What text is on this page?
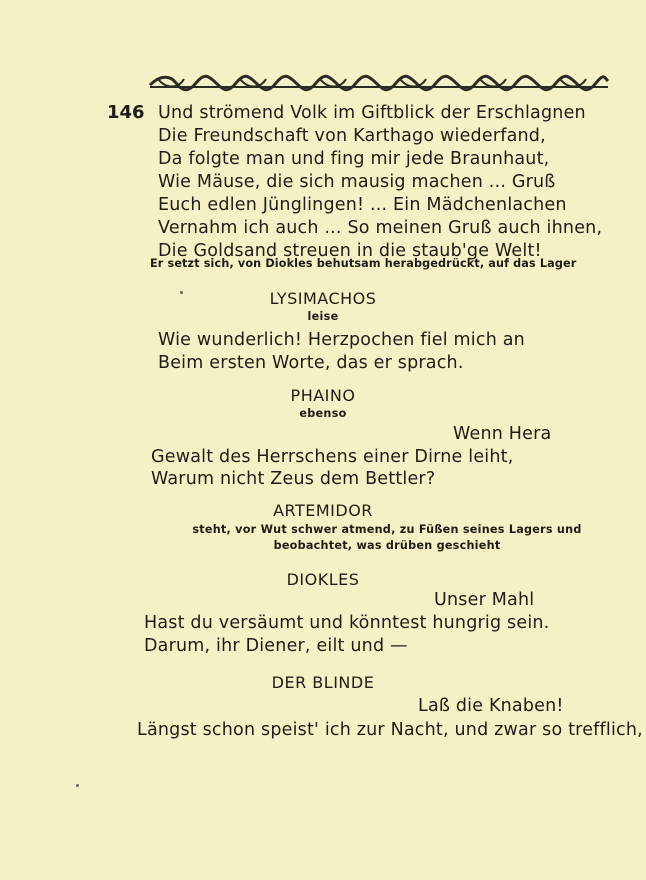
146 Und strömend Volk im Giftblick der Erschlagnen
Die Freundschaft von Karthago wiederfand,
Da folgte man und fing mir jede Braunhaut,
Wie Mäuse, die sich mausig machen ... Gruß
Euch edlen Jünglingen! ... Ein Mädchenlachen
Vernahm ich auch ... So meinen Gruß auch ihnen,
Die Goldsand streuen in die staub'ge Welt!
Er setzt sich, von Diokles behutsam herabgedrückt, auf das Lager
LYSIMACHOS
leise
Wie wunderlich! Herzpochen fiel mich an
Beim ersten Worte, das er sprach.
PHAINO
ebenso
Wenn Hera
Gewalt des Herrschens einer Dirne leiht,
Warum nicht Zeus dem Bettler?
ARTEMIDOR
steht, vor Wut schwer atmend, zu Füßen seines Lagers und
beobachtet, was drüben geschieht
DIOKLES
Unser Mahl
Hast du versäumt und könntest hungrig sein.
Darum, ihr Diener, eilt und —
DER BLINDE
Laß die Knaben!
Längst schon speist' ich zur Nacht, und zwar so trefflich,
